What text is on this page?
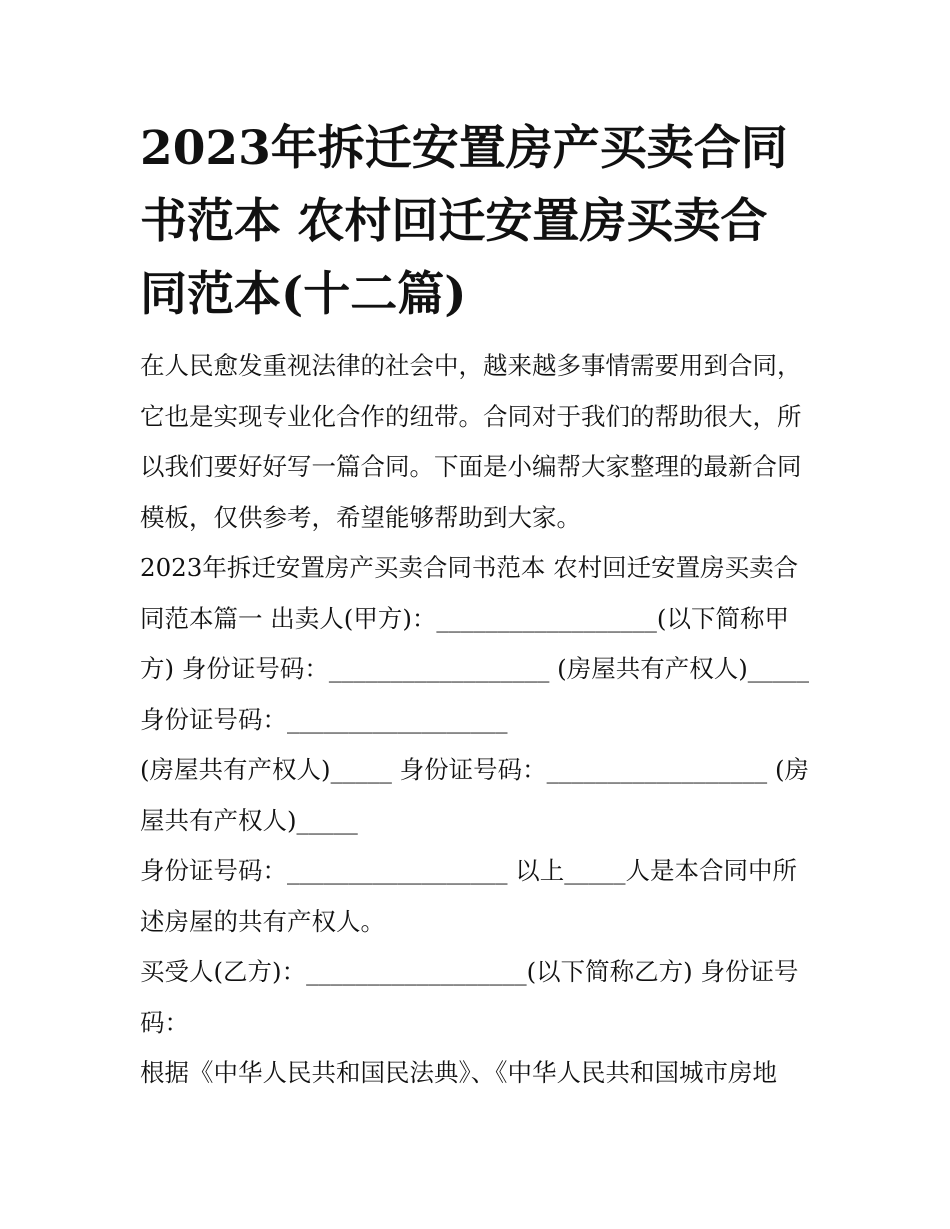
2023年拆迁安置房产买卖合同书范本 农村回迁安置房买卖合同范本(十二篇)

在人民愈发重视法律的社会中，越来越多事情需要用到合同，它也是实现专业化合作的纽带。合同对于我们的帮助很大，所以我们要好好写一篇合同。下面是小编帮大家整理的最新合同模板，仅供参考，希望能够帮助到大家。

2023年拆迁安置房产买卖合同书范本 农村回迁安置房买卖合同范本篇一 出卖人(甲方)：__________________(以下简称甲方) 身份证号码：__________________ (房屋共有产权人)_____ 身份证号码：__________________

(房屋共有产权人)_____ 身份证号码：__________________ (房屋共有产权人)_____

身份证号码：__________________ 以上_____人是本合同中所述房屋的共有产权人。

买受人(乙方)：__________________(以下简称乙方) 身份证号码：

根据《中华人民共和国民法典》、《中华人民共和国城市房地
